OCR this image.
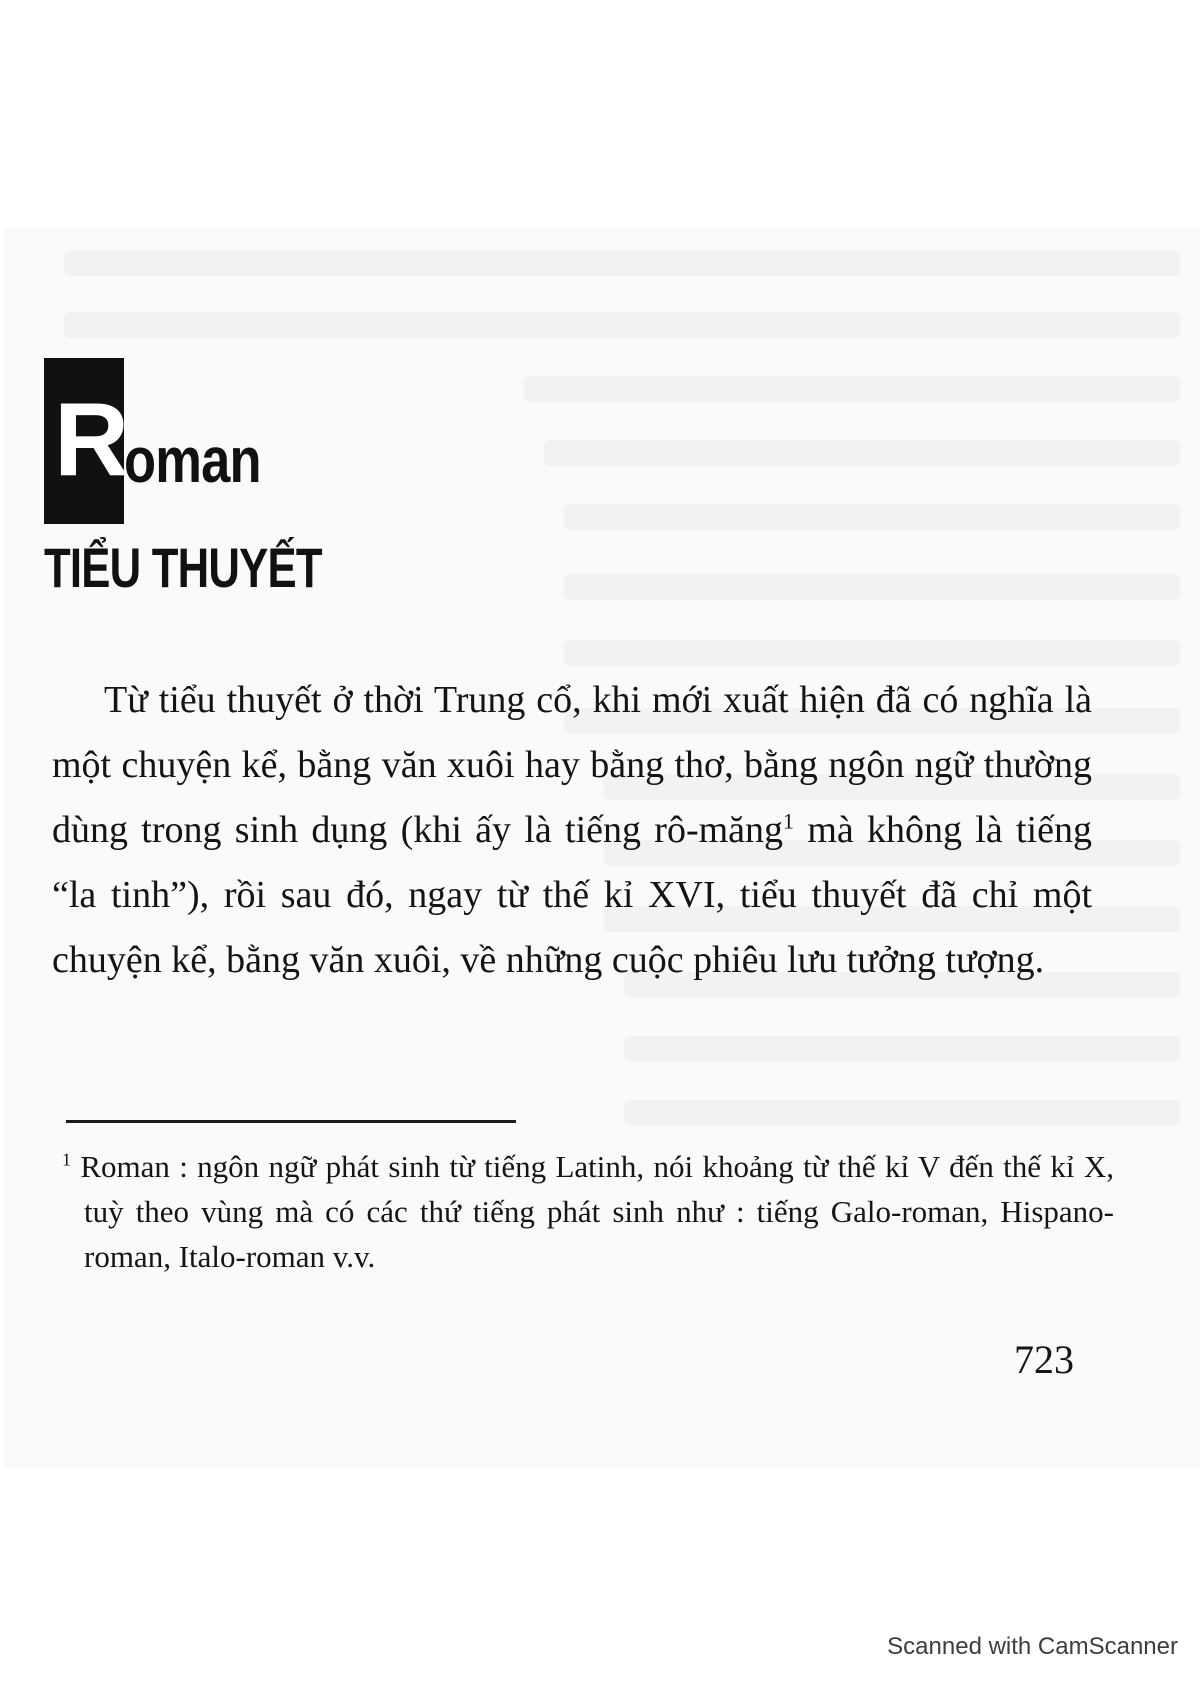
R
oman
TIỂU THUYẾT

Từ tiểu thuyết ở thời Trung cổ, khi mới xuất hiện đã có nghĩa là một chuyện kể, bằng văn xuôi hay bằng thơ, bằng ngôn ngữ thường dùng trong sinh dụng (khi ấy là tiếng rô-măng$^1$ mà không là tiếng “la tinh”), rồi sau đó, ngay từ thế kỉ XVI, tiểu thuyết đã chỉ một chuyện kể, bằng văn xuôi, về những cuộc phiêu lưu tưởng tượng.

$^1$ Roman : ngôn ngữ phát sinh từ tiếng Latinh, nói khoảng từ thế kỉ V đến thế kỉ X, tuỳ theo vùng mà có các thứ tiếng phát sinh như : tiếng Galo-roman, Hispano-roman, Italo-roman v.v.

723
Scanned with CamScanner
